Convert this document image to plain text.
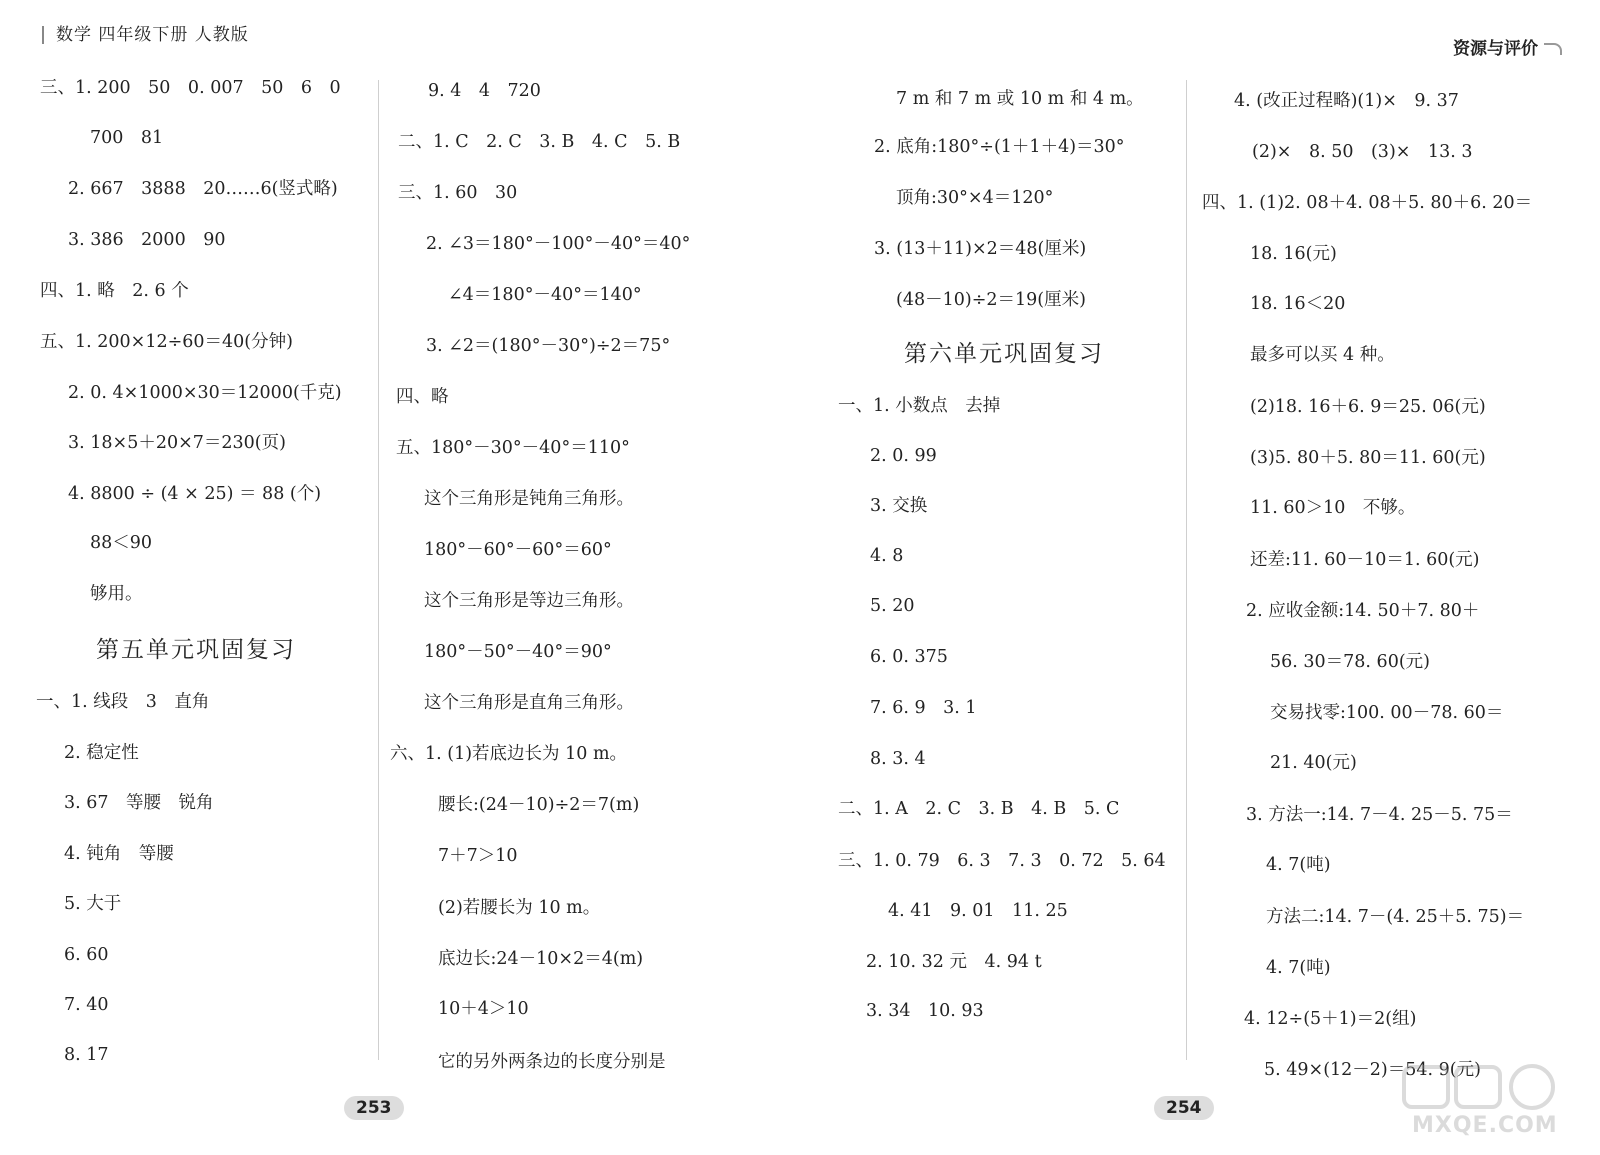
数学 四年级下册 人教版
三、1. 200　50　0. 007　50　6　0
700　81
2. 667　3888　20……6(竖式略)
3. 386　2000　90
四、1. 略　2. 6 个
五、1. 200×12÷60＝40(分钟)
2. 0. 4×1000×30＝12000(千克)
3. 18×5＋20×7＝230(页)
4. 8800 ÷ (4 × 25) ＝ 88 (个)
88＜90
够用。
第五单元巩固复习
一、1. 线段　3　直角
2. 稳定性
3. 67　等腰　锐角
4. 钝角　等腰
5. 大于
6. 60
7. 40
8. 17
9. 4　4　720
二、1. C　2. C　3. B　4. C　5. B
三、1. 60　30
2. ∠3＝180°－100°－40°＝40°
∠4＝180°－40°＝140°
3. ∠2＝(180°－30°)÷2＝75°
四、略
五、180°－30°－40°＝110°
这个三角形是钝角三角形。
180°－60°－60°＝60°
这个三角形是等边三角形。
180°－50°－40°＝90°
这个三角形是直角三角形。
六、1. (1)若底边长为 10 m。
腰长:(24－10)÷2＝7(m)
7＋7＞10
(2)若腰长为 10 m。
底边长:24－10×2＝4(m)
10＋4＞10
它的另外两条边的长度分别是
253
资源与评价
7 m 和 7 m 或 10 m 和 4 m。
2. 底角:180°÷(1＋1＋4)＝30°
顶角:30°×4＝120°
3. (13＋11)×2＝48(厘米)
(48－10)÷2＝19(厘米)
第六单元巩固复习
一、1. 小数点　去掉
2. 0. 99
3. 交换
4. 8
5. 20
6. 0. 375
7. 6. 9　3. 1
8. 3. 4
二、1. A　2. C　3. B　4. B　5. C
三、1. 0. 79　6. 3　7. 3　0. 72　5. 64
4. 41　9. 01　11. 25
2. 10. 32 元　4. 94 t
3. 34　10. 93
4. (改正过程略)(1)×　9. 37
(2)×　8. 50　(3)×　13. 3
四、1. (1)2. 08＋4. 08＋5. 80＋6. 20＝
18. 16(元)
18. 16＜20
最多可以买 4 种。
(2)18. 16＋6. 9＝25. 06(元)
(3)5. 80＋5. 80＝11. 60(元)
11. 60＞10　不够。
还差:11. 60－10＝1. 60(元)
2. 应收金额:14. 50＋7. 80＋
56. 30＝78. 60(元)
交易找零:100. 00－78. 60＝
21. 40(元)
3. 方法一:14. 7－4. 25－5. 75＝
4. 7(吨)
方法二:14. 7－(4. 25＋5. 75)＝
4. 7(吨)
4. 12÷(5＋1)＝2(组)
5. 49×(12－2)＝54. 9(元)
254
MXQE.COM
